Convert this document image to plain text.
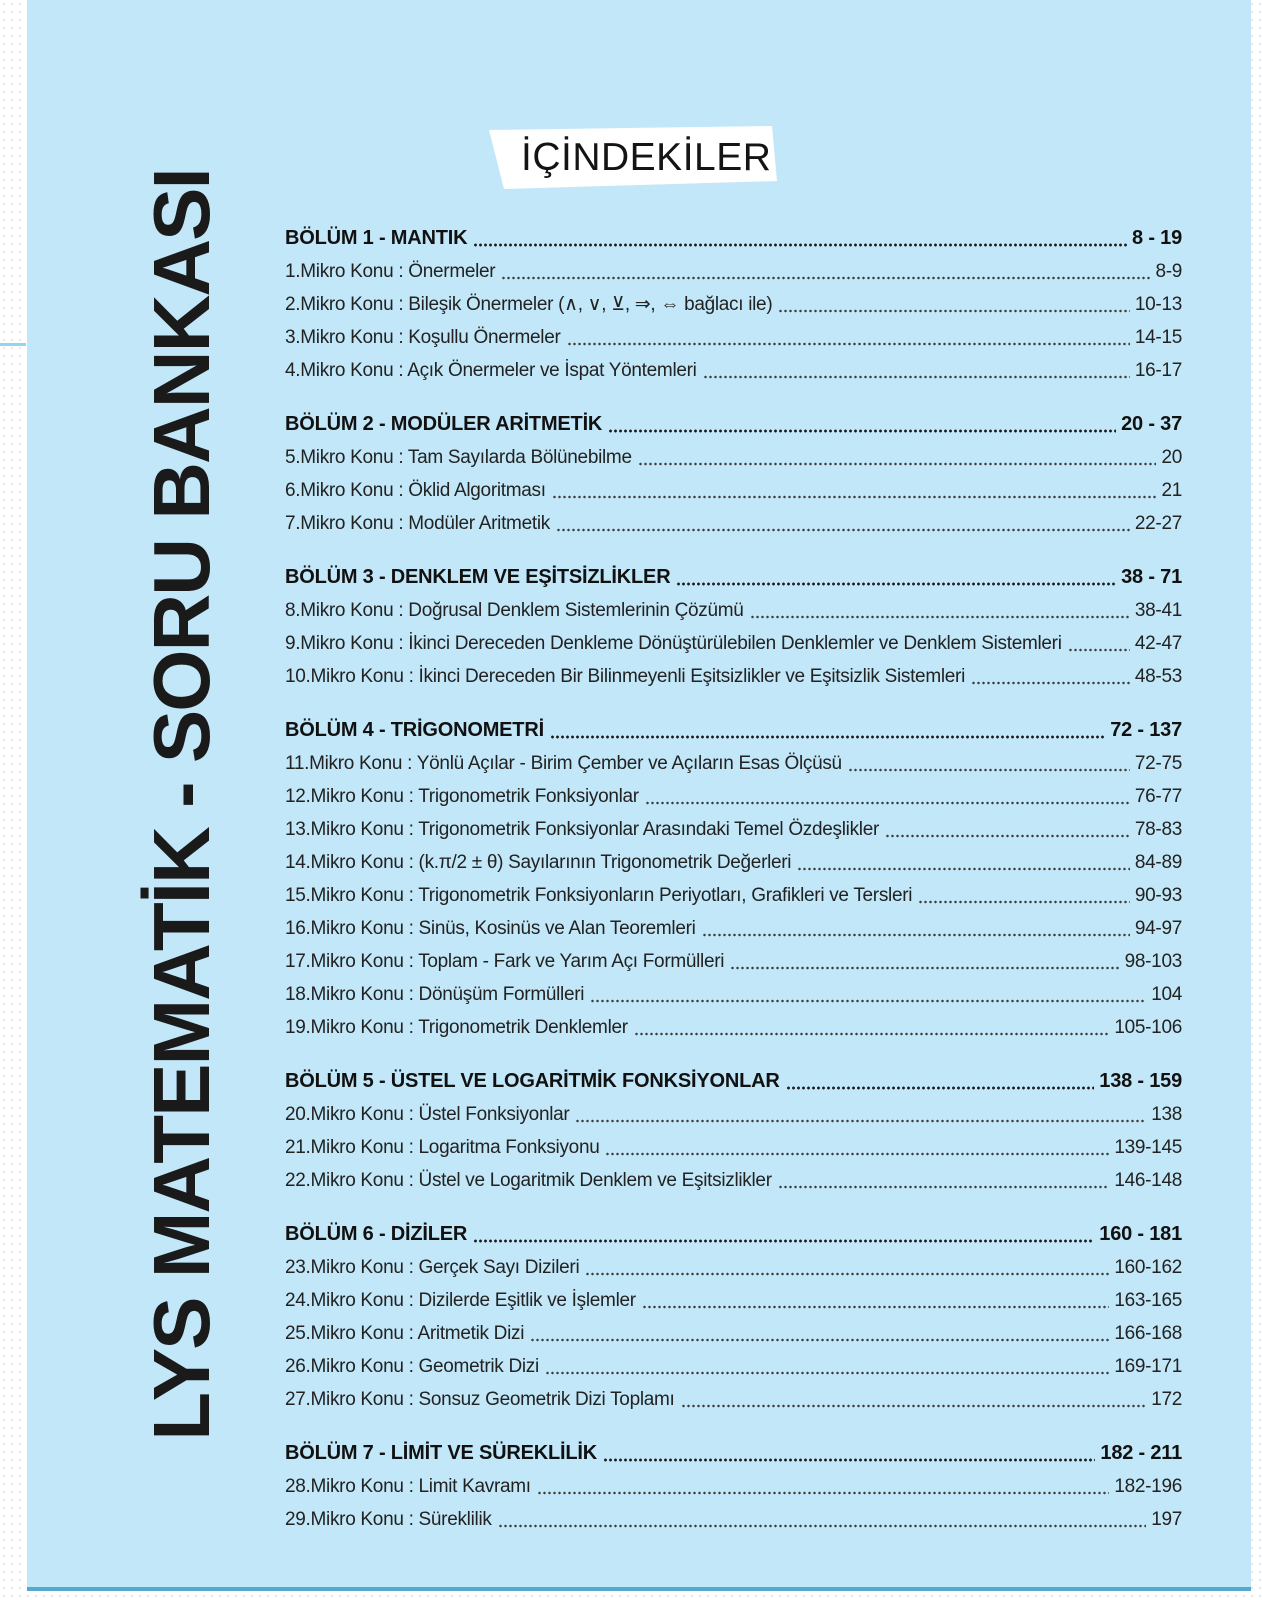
LYS MATEMATİK - SORU BANKASI
İÇİNDEKİLER
BÖLÜM 1 - MANTIK	8 - 19
1.Mikro Konu : Önermeler	8-9
2.Mikro Konu : Bileşik Önermeler (∧, ∨, ⊻, ⇒, ⇔ bağlacı ile)	10-13
3.Mikro Konu : Koşullu Önermeler	14-15
4.Mikro Konu : Açık Önermeler ve İspat Yöntemleri	16-17
BÖLÜM 2 - MODÜLER ARİTMETİK	20 - 37
5.Mikro Konu : Tam Sayılarda Bölünebilme	20
6.Mikro Konu : Öklid Algoritması	21
7.Mikro Konu : Modüler Aritmetik	22-27
BÖLÜM 3 - DENKLEM VE EŞİTSİZLİKLER	38 - 71
8.Mikro Konu : Doğrusal Denklem Sistemlerinin Çözümü	38-41
9.Mikro Konu : İkinci Dereceden Denkleme Dönüştürülebilen Denklemler ve Denklem Sistemleri	42-47
10.Mikro Konu : İkinci Dereceden Bir Bilinmeyenli Eşitsizlikler ve Eşitsizlik Sistemleri	48-53
BÖLÜM 4 - TRİGONOMETRİ	72 - 137
11.Mikro Konu : Yönlü Açılar - Birim Çember ve Açıların Esas Ölçüsü	72-75
12.Mikro Konu : Trigonometrik Fonksiyonlar	76-77
13.Mikro Konu : Trigonometrik Fonksiyonlar Arasındaki Temel Özdeşlikler	78-83
14.Mikro Konu : (k.π/2 ± θ) Sayılarının Trigonometrik Değerleri	84-89
15.Mikro Konu : Trigonometrik Fonksiyonların Periyotları, Grafikleri ve Tersleri	90-93
16.Mikro Konu : Sinüs, Kosinüs ve Alan Teoremleri	94-97
17.Mikro Konu : Toplam - Fark ve Yarım Açı Formülleri	98-103
18.Mikro Konu : Dönüşüm Formülleri	104
19.Mikro Konu : Trigonometrik Denklemler	105-106
BÖLÜM 5 - ÜSTEL VE LOGARİTMİK FONKSİYONLAR	138 - 159
20.Mikro Konu : Üstel Fonksiyonlar	138
21.Mikro Konu : Logaritma Fonksiyonu	139-145
22.Mikro Konu : Üstel ve Logaritmik Denklem ve Eşitsizlikler	146-148
BÖLÜM 6 - DİZİLER	160 - 181
23.Mikro Konu : Gerçek Sayı Dizileri	160-162
24.Mikro Konu : Dizilerde Eşitlik ve İşlemler	163-165
25.Mikro Konu : Aritmetik Dizi	166-168
26.Mikro Konu : Geometrik Dizi	169-171
27.Mikro Konu : Sonsuz Geometrik Dizi Toplamı	172
BÖLÜM 7 - LİMİT VE SÜREKLİLİK	182 - 211
28.Mikro Konu : Limit Kavramı	182-196
29.Mikro Konu : Süreklilik	197
